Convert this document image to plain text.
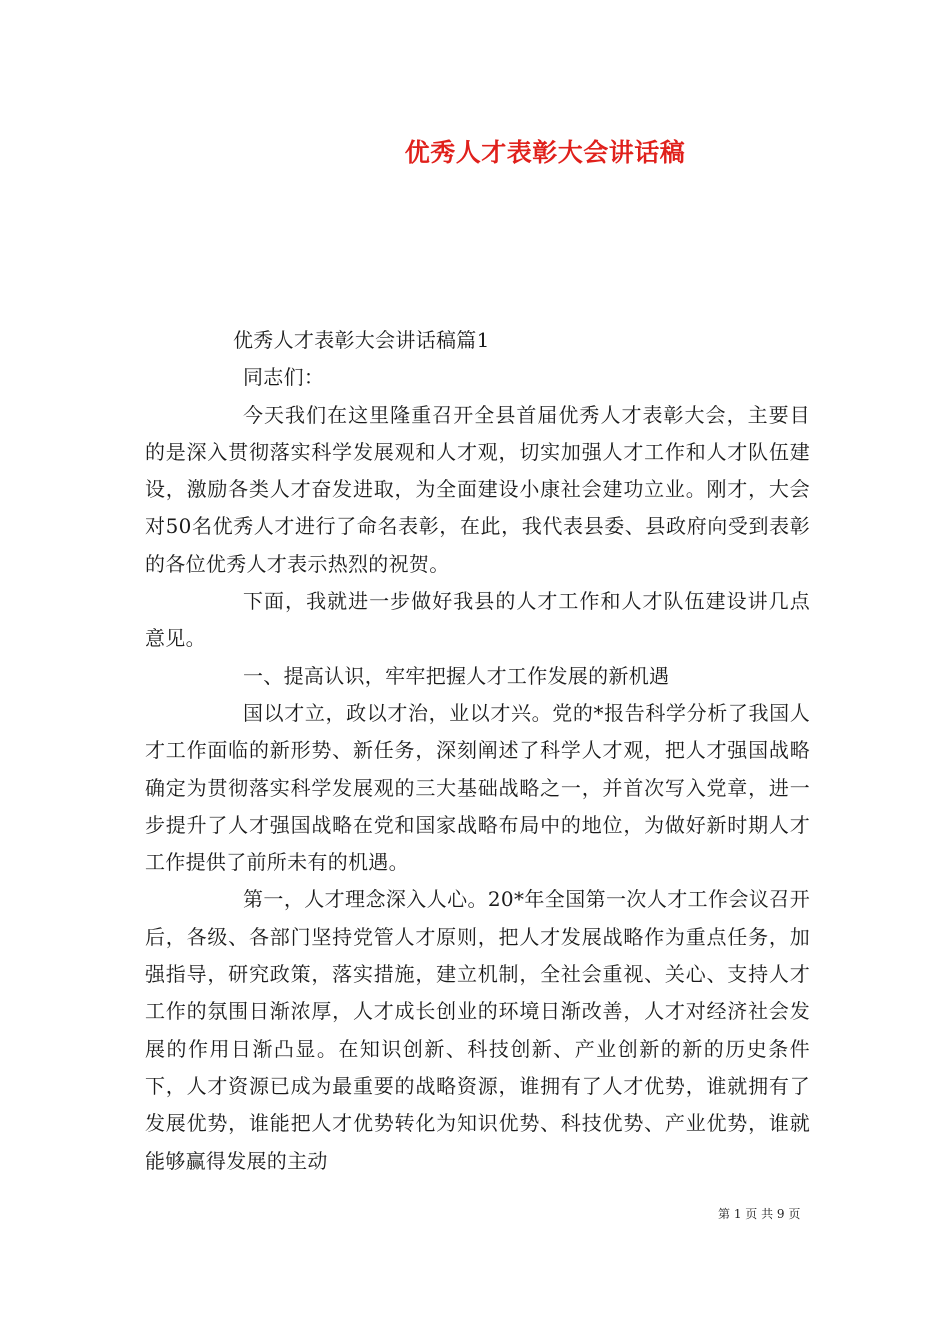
优秀人才表彰大会讲话稿

优秀人才表彰大会讲话稿篇1

同志们：

今天我们在这里隆重召开全县首届优秀人才表彰大会，主要目的是深入贯彻落实科学发展观和人才观，切实加强人才工作和人才队伍建设，激励各类人才奋发进取，为全面建设小康社会建功立业。刚才，大会对50名优秀人才进行了命名表彰，在此，我代表县委、县政府向受到表彰的各位优秀人才表示热烈的祝贺。

下面，我就进一步做好我县的人才工作和人才队伍建设讲几点意见。

一、提高认识，牢牢把握人才工作发展的新机遇

国以才立，政以才治，业以才兴。党的*报告科学分析了我国人才工作面临的新形势、新任务，深刻阐述了科学人才观，把人才强国战略确定为贯彻落实科学发展观的三大基础战略之一，并首次写入党章，进一步提升了人才强国战略在党和国家战略布局中的地位，为做好新时期人才工作提供了前所未有的机遇。

第一，人才理念深入人心。20*年全国第一次人才工作会议召开后，各级、各部门坚持党管人才原则，把人才发展战略作为重点任务，加强指导，研究政策，落实措施，建立机制，全社会重视、关心、支持人才工作的氛围日渐浓厚，人才成长创业的环境日渐改善，人才对经济社会发展的作用日渐凸显。在知识创新、科技创新、产业创新的新的历史条件下，人才资源已成为最重要的战略资源，谁拥有了人才优势，谁就拥有了发展优势，谁能把人才优势转化为知识优势、科技优势、产业优势，谁就能够赢得发展的主动

第 1 页 共 9 页
